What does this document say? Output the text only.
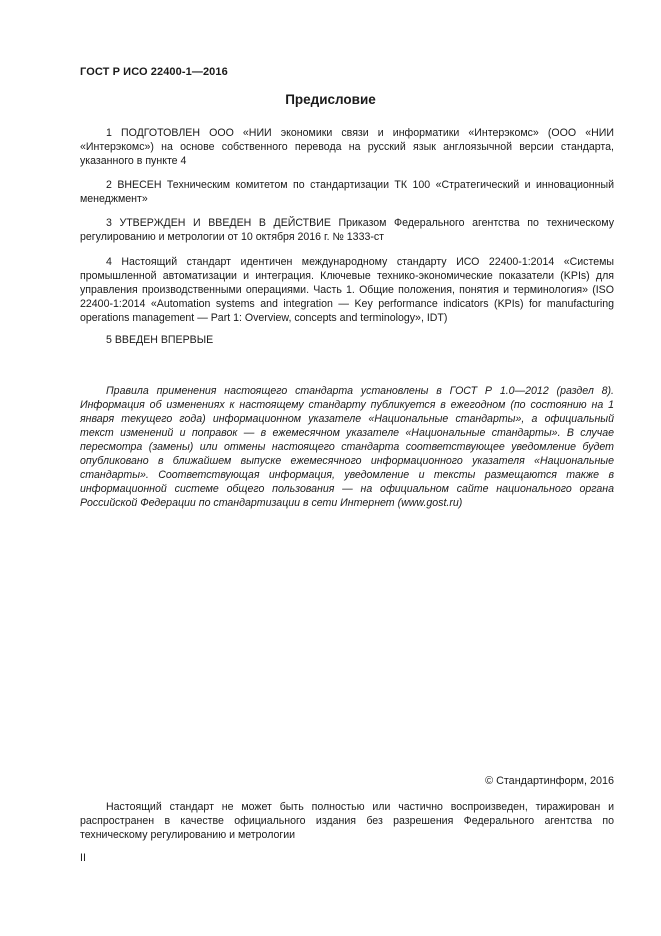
ГОСТ Р ИСО 22400-1—2016
Предисловие

1 ПОДГОТОВЛЕН ООО «НИИ экономики связи и информатики «Интерэкомс» (ООО «НИИ «Интерэкомс») на основе собственного перевода на русский язык англоязычной версии стандарта, указанного в пункте 4

2 ВНЕСЕН Техническим комитетом по стандартизации ТК 100 «Стратегический и инновационный менеджмент»

3 УТВЕРЖДЕН И ВВЕДЕН В ДЕЙСТВИЕ Приказом Федерального агентства по техническому регулированию и метрологии от 10 октября 2016 г. № 1333-ст

4 Настоящий стандарт идентичен международному стандарту ИСО 22400-1:2014 «Системы промышленной автоматизации и интеграция. Ключевые технико-экономические показатели (KPIs) для управления производственными операциями. Часть 1. Общие положения, понятия и терминология» (ISO 22400-1:2014 «Automation systems and integration — Key performance indicators (KPIs) for manufacturing operations management — Part 1: Overview, concepts and terminology», IDT)

5 ВВЕДЕН ВПЕРВЫЕ

Правила применения настоящего стандарта установлены в ГОСТ Р 1.0—2012 (раздел 8). Информация об изменениях к настоящему стандарту публикуется в ежегодном (по состоянию на 1 января текущего года) информационном указателе «Национальные стандарты», а официальный текст изменений и поправок — в ежемесячном указателе «Национальные стандарты». В случае пересмотра (замены) или отмены настоящего стандарта соответствующее уведомление будет опубликовано в ближайшем выпуске ежемесячного информационного указателя «Национальные стандарты». Соответствующая информация, уведомление и тексты размещаются также в информационной системе общего пользования — на официальном сайте национального органа Российской Федерации по стандартизации в сети Интернет (www.gost.ru)

© Стандартинформ, 2016

Настоящий стандарт не может быть полностью или частично воспроизведен, тиражирован и распространен в качестве официального издания без разрешения Федерального агентства по техническому регулированию и метрологии

II
